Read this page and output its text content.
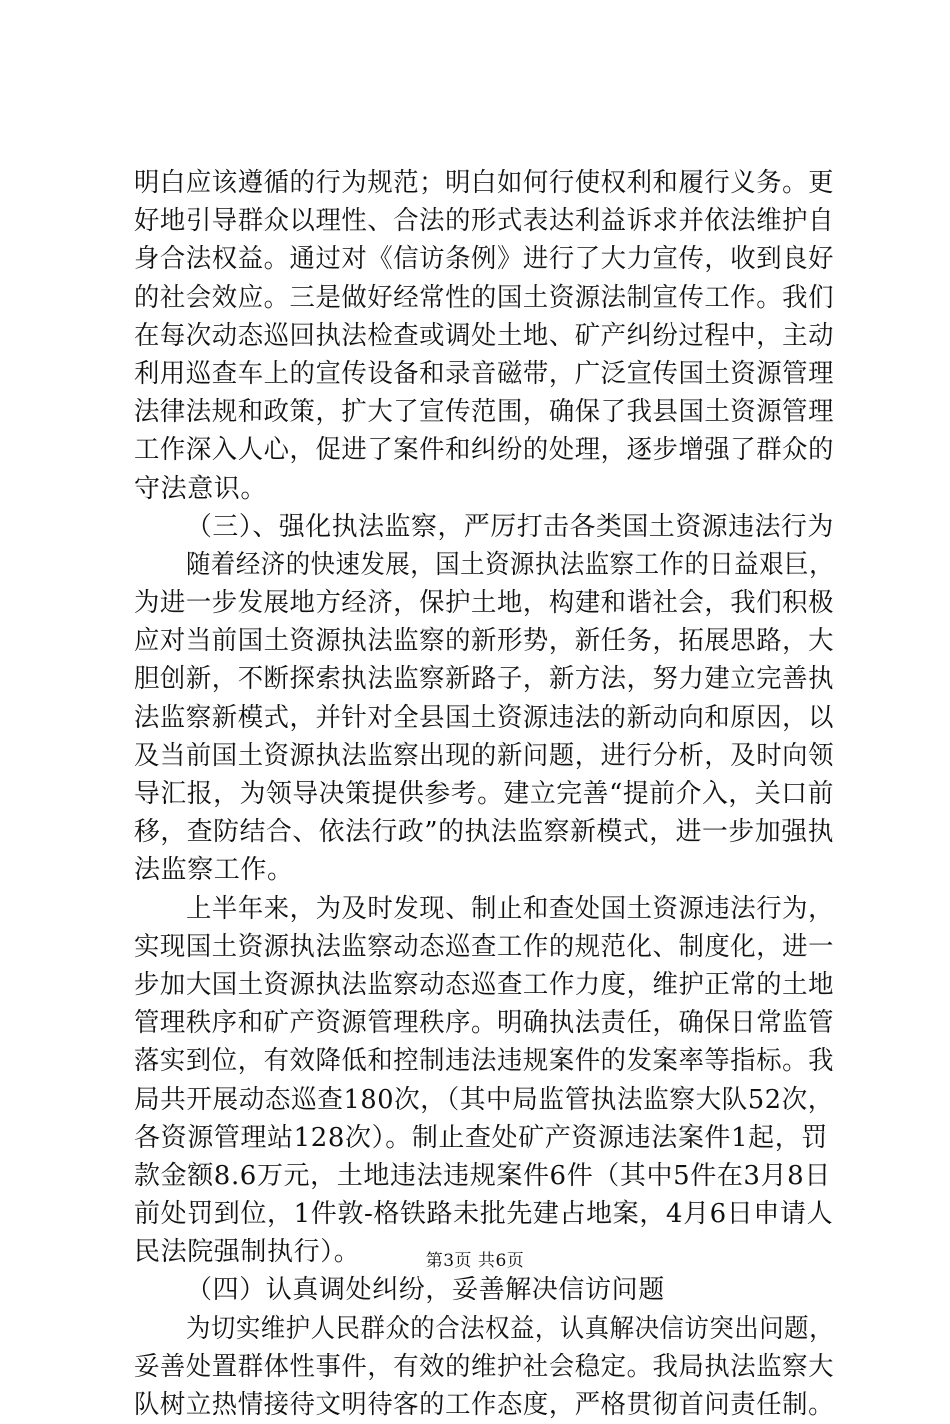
明白应该遵循的行为规范；明白如何行使权利和履行义务。更
好地引导群众以理性、合法的形式表达利益诉求并依法维护自
身合法权益。通过对《信访条例》进行了大力宣传，收到良好
的社会效应。三是做好经常性的国土资源法制宣传工作。我们
在每次动态巡回执法检查或调处土地、矿产纠纷过程中，主动
利用巡查车上的宣传设备和录音磁带，广泛宣传国土资源管理
法律法规和政策，扩大了宣传范围，确保了我县国土资源管理
工作深入人心，促进了案件和纠纷的处理，逐步增强了群众的
守法意识。
（三）、强化执法监察，严厉打击各类国土资源违法行为
随着经济的快速发展，国土资源执法监察工作的日益艰巨，
为进一步发展地方经济，保护土地，构建和谐社会，我们积极
应对当前国土资源执法监察的新形势，新任务，拓展思路，大
胆创新，不断探索执法监察新路子，新方法，努力建立完善执
法监察新模式，并针对全县国土资源违法的新动向和原因，以
及当前国土资源执法监察出现的新问题，进行分析，及时向领
导汇报，为领导决策提供参考。建立完善“提前介入，关口前
移，查防结合、依法行政”的执法监察新模式，进一步加强执
法监察工作。
上半年来，为及时发现、制止和查处国土资源违法行为，
实现国土资源执法监察动态巡查工作的规范化、制度化，进一
步加大国土资源执法监察动态巡查工作力度，维护正常的土地
管理秩序和矿产资源管理秩序。明确执法责任，确保日常监管
落实到位，有效降低和控制违法违规案件的发案率等指标。我
局共开展动态巡查180次，（其中局监管执法监察大队52次，
各资源管理站128次）。制止查处矿产资源违法案件1起，罚
款金额8.6万元，土地违法违规案件6件（其中5件在3月8日
前处罚到位，1件敦-格铁路未批先建占地案，4月6日申请人
民法院强制执行）。
（四）认真调处纠纷，妥善解决信访问题
为切实维护人民群众的合法权益，认真解决信访突出问题，
妥善处置群体性事件，有效的维护社会稳定。我局执法监察大
队树立热情接待文明待客的工作态度，严格贯彻首问责任制。
第3页 共6页
